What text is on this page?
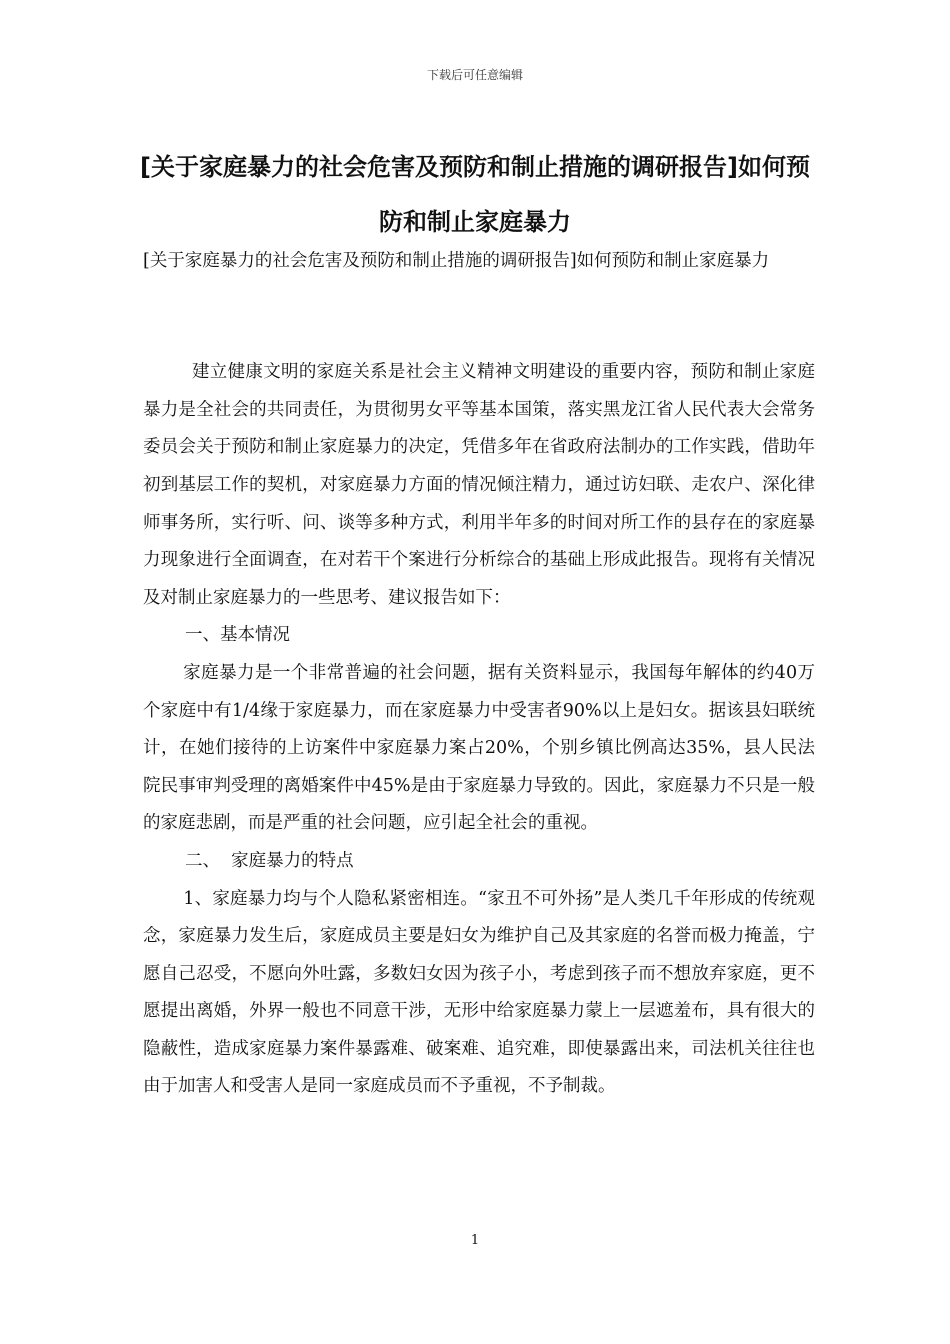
下载后可任意编辑
[关于家庭暴力的社会危害及预防和制止措施的调研报告]如何预防和制止家庭暴力

[关于家庭暴力的社会危害及预防和制止措施的调研报告]如何预防和制止家庭暴力

建立健康文明的家庭关系是社会主义精神文明建设的重要内容，预防和制止家庭暴力是全社会的共同责任，为贯彻男女平等基本国策，落实黑龙江省人民代表大会常务委员会关于预防和制止家庭暴力的决定，凭借多年在省政府法制办的工作实践，借助年初到基层工作的契机，对家庭暴力方面的情况倾注精力，通过访妇联、走农户、深化律师事务所，实行听、问、谈等多种方式，利用半年多的时间对所工作的县存在的家庭暴力现象进行全面调查，在对若干个案进行分析综合的基础上形成此报告。现将有关情况及对制止家庭暴力的一些思考、建议报告如下：

一、基本情况

家庭暴力是一个非常普遍的社会问题，据有关资料显示，我国每年解体的约40万个家庭中有1/4缘于家庭暴力，而在家庭暴力中受害者90%以上是妇女。据该县妇联统计，在她们接待的上访案件中家庭暴力案占20%，个别乡镇比例高达35%，县人民法院民事审判受理的离婚案件中45%是由于家庭暴力导致的。因此，家庭暴力不只是一般的家庭悲剧，而是严重的社会问题，应引起全社会的重视。

二、  家庭暴力的特点

1、家庭暴力均与个人隐私紧密相连。“家丑不可外扬”是人类几千年形成的传统观念，家庭暴力发生后，家庭成员主要是妇女为维护自己及其家庭的名誉而极力掩盖，宁愿自己忍受，不愿向外吐露，多数妇女因为孩子小，考虑到孩子而不想放弃家庭，更不愿提出离婚，外界一般也不同意干涉，无形中给家庭暴力蒙上一层遮羞布，具有很大的隐蔽性，造成家庭暴力案件暴露难、破案难、追究难，即使暴露出来，司法机关往往也由于加害人和受害人是同一家庭成员而不予重视，不予制裁。

1
